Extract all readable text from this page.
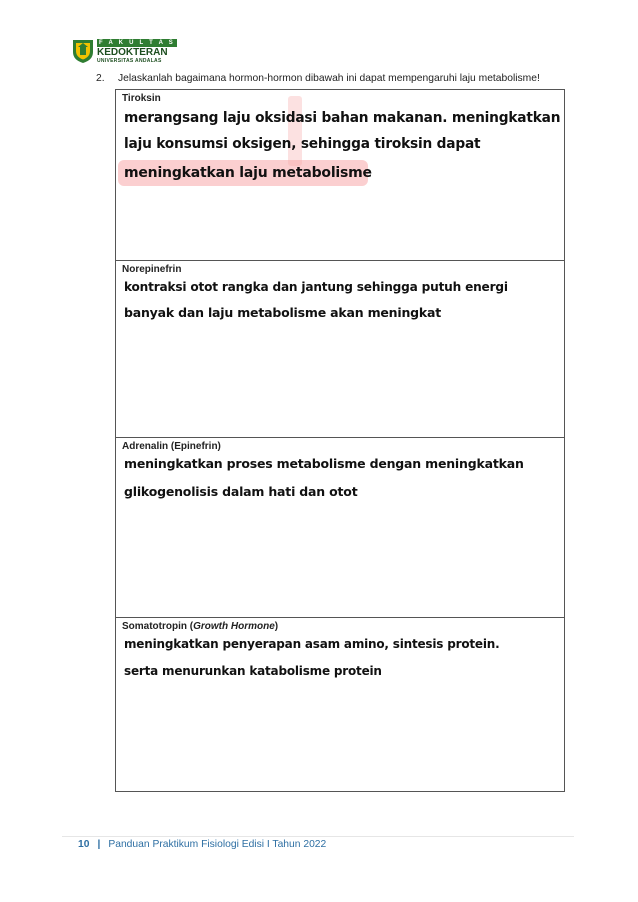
F A K U L T A S
KEDOKTERAN
UNIVERSITAS ANDALAS
2. Jelaskanlah bagaimana hormon-hormon dibawah ini dapat mempengaruhi laju metabolisme!
Tiroksin
merangsang laju oksidasi bahan makanan. meningkatkan
laju konsumsi oksigen, sehingga tiroksin dapat
meningkatkan laju metabolisme
Norepinefrin
kontraksi otot rangka dan jantung sehingga putuh energi
banyak dan laju metabolisme akan meningkat
Adrenalin (Epinefrin)
meningkatkan proses metabolisme dengan meningkatkan
glikogenolisis dalam hati dan otot
Somatotropin (Growth Hormone)
meningkatkan penyerapan asam amino, sintesis protein.
serta menurunkan katabolisme protein
10 | Panduan Praktikum Fisiologi Edisi I Tahun 2022
